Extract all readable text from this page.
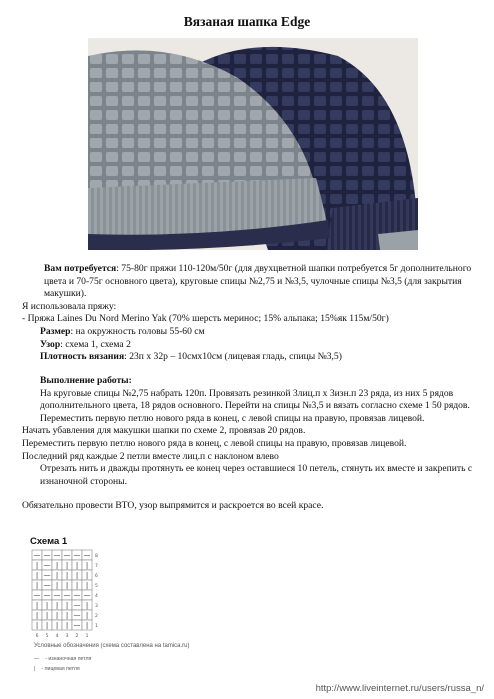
Вязаная шапка Edge

Вам потребуется: 75-80г пряжи 110-120м/50г (для двухцветной шапки потребуется 5г дополнительного цвета и 70-75г основного цвета), круговые спицы №2,75 и №3,5, чулочные спицы №3,5 (для закрытия макушки).

Я использовала пряжу:

- Пряжа Laines Du Nord Merino Yak (70% шерсть меринос; 15% альпака; 15%як 115м/50г)

Размер: на окружность головы 55-60 см

Узор: схема 1, схема 2

Плотность вязания: 23п х 32р – 10смх10см (лицевая гладь, спицы №3,5)

Выполнение работы:

На круговые спицы №2,75 набрать 120п. Провязать резинкой 3лиц.п х 3изн.п 23 ряда, из них 5 рядов дополнительного цвета, 18 рядов основного. Перейти на спицы №3,5 и вязать согласно схеме 1 50 рядов. Переместить первую петлю нового ряда в конец, с левой спицы на правую, провязав лицевой.

Начать убавления для макушки шапки по схеме 2, провязав 20 рядов.

Переместить первую петлю нового ряда в конец, с левой спицы на правую, провязав лицевой.

Последний ряд каждые 2 петли вместе лиц.п с наклоном влево

Отрезать нить и дважды протянуть ее конец через оставшиеся 10 петель, стянуть их вместе и закрепить с изнаночной стороны.

Обязательно провести ВТО, узор выпрямится и раскроется во всей красе.

Схема 1
— — — — — — 8
| — | | | | 7
| — | | | | 6
| — | | | | 5
— — — — — — 4
| | | | — | 3
| | | | — | 2
| | | | — | 1
6 5 4 3 2 1
Условные обозначения (схема составлена на tamica.ru)
— - изнаночная петля
| - лицевая петля
http://www.liveinternet.ru/users/russa_n/
